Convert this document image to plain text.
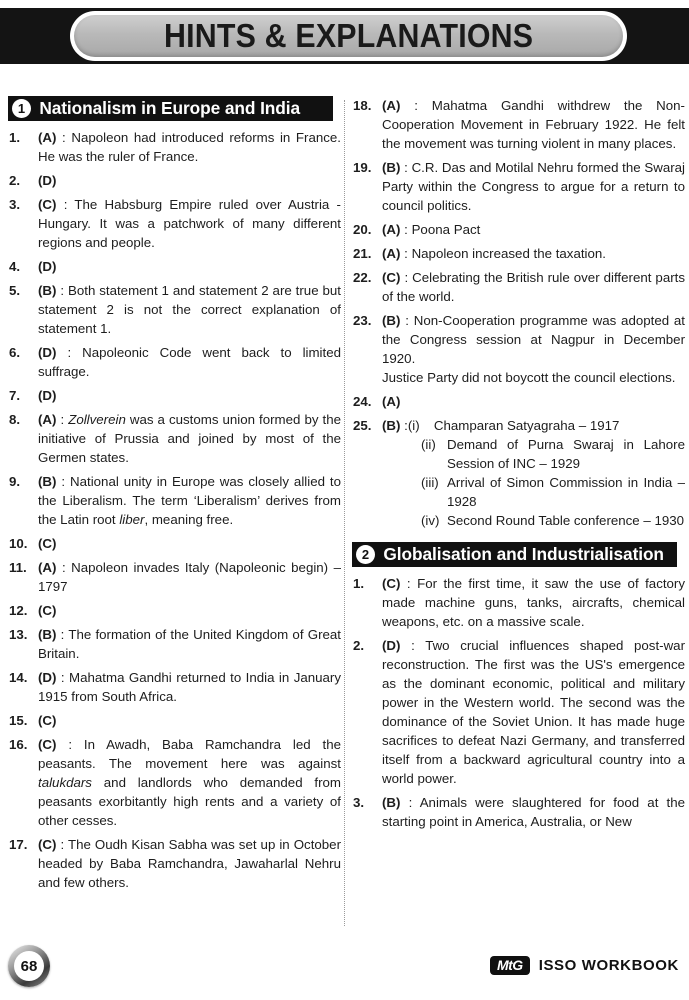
HINTS & EXPLANATIONS
1 Nationalism in Europe and India
1.	(A) : Napoleon had introduced reforms in France. He was the ruler of France.
2.	(D)
3.	(C) : The Habsburg Empire ruled over Austria - Hungary. It was a patchwork of many different regions and people.
4.	(D)
5.	(B) : Both statement 1 and statement 2 are true but statement 2 is not the correct explanation of statement 1.
6.	(D) : Napoleonic Code went back to limited suffrage.
7.	(D)
8.	(A) : Zollverein was a customs union formed by the initiative of Prussia and joined by most of the Germen states.
9.	(B) : National unity in Europe was closely allied to the Liberalism. The term ‘Liberalism’ derives from the Latin root liber, meaning free.
10. (C)
11. (A) : Napoleon invades Italy (Napoleonic begin) – 1797
12. (C)
13. (B) : The formation of the United Kingdom of Great Britain.
14. (D) : Mahatma Gandhi returned to India in January 1915 from South Africa.
15. (C)
16. (C) : In Awadh, Baba Ramchandra led the peasants. The movement here was against talukdars and landlords who demanded from peasants exorbitantly high rents and a variety of other cesses.
17. (C) : The Oudh Kisan Sabha was set up in October headed by Baba Ramchandra, Jawaharlal Nehru and few others.
18. (A) : Mahatma Gandhi withdrew the Non-Cooperation Movement in February 1922. He felt the movement was turning violent in many places.
19. (B) : C.R. Das and Motilal Nehru formed the Swaraj Party within the Congress to argue for a return to council politics.
20. (A) : Poona Pact
21. (A) : Napoleon increased the taxation.
22. (C) : Celebrating the British rule over different parts of the world.
23. (B) : Non-Cooperation programme was adopted at the Congress session at Nagpur in December 1920.
Justice Party did not boycott the council elections.
24. (A)
25. (B) : (i)	Champaran Satyagraha – 1917
(ii) Demand of Purna Swaraj in Lahore Session of INC – 1929
(iii) Arrival of Simon Commission in India – 1928
(iv) Second Round Table conference – 1930
2 Globalisation and Industrialisation
1.	(C) : For the first time, it saw the use of factory made machine guns, tanks, aircrafts, chemical weapons, etc. on a massive scale.
2.	(D) : Two crucial influences shaped post-war reconstruction. The first was the US's emergence as the dominant economic, political and military power in the Western world. The second was the dominance of the Soviet Union. It has made huge sacrifices to defeat Nazi Germany, and transferred itself from a backward agricultural country into a world power.
3.	(B) : Animals were slaughtered for food at the starting point in America, Australia, or New
68	MtG	ISSO WORKBOOK
